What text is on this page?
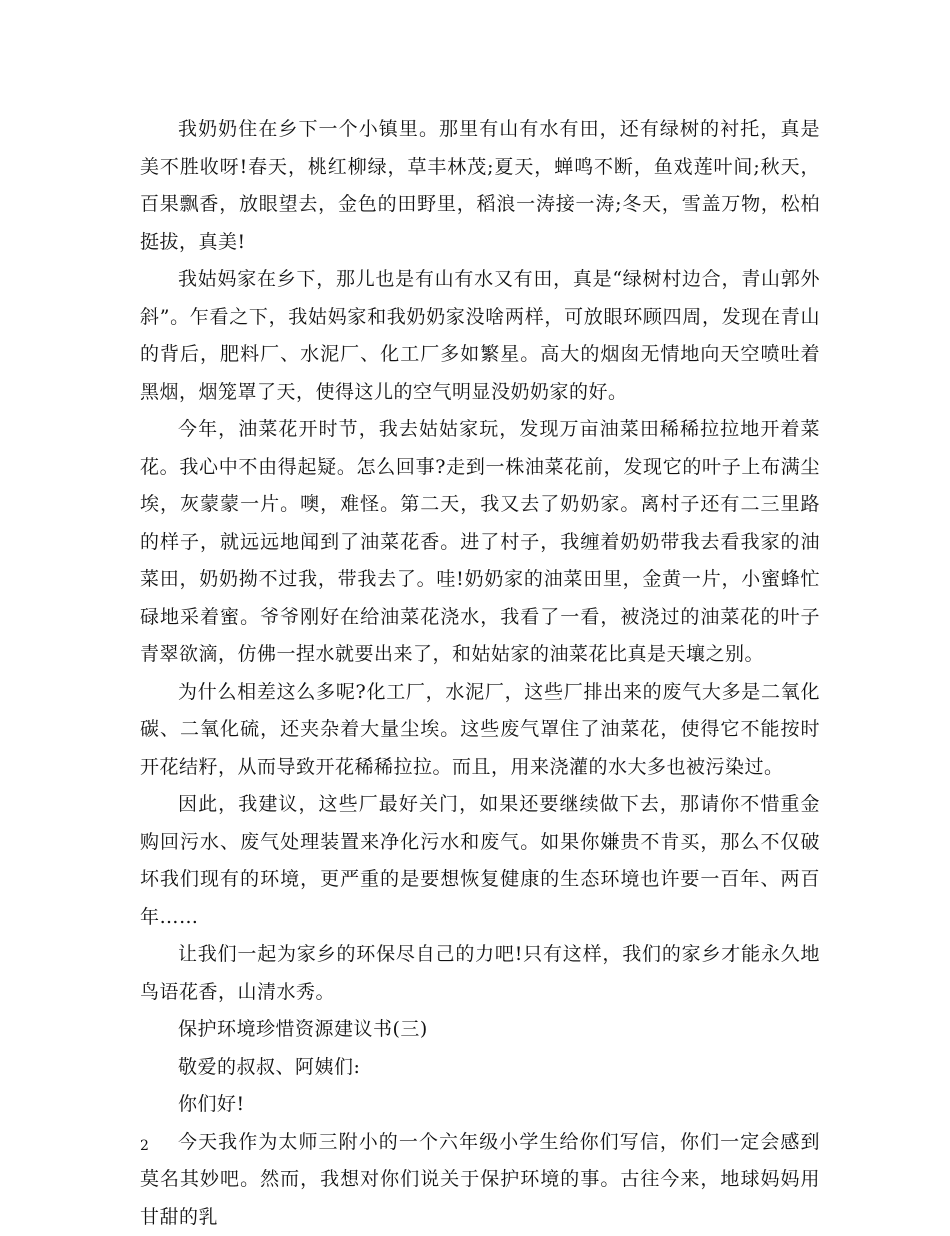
我奶奶住在乡下一个小镇里。那里有山有水有田，还有绿树的衬托，真是美不胜收呀!春天，桃红柳绿，草丰林茂;夏天，蝉鸣不断，鱼戏莲叶间;秋天，百果飘香，放眼望去，金色的田野里，稻浪一涛接一涛;冬天，雪盖万物，松柏挺拔，真美!

我姑妈家在乡下，那儿也是有山有水又有田，真是“绿树村边合，青山郭外斜”。乍看之下，我姑妈家和我奶奶家没啥两样，可放眼环顾四周，发现在青山的背后，肥料厂、水泥厂、化工厂多如繁星。高大的烟囱无情地向天空喷吐着黑烟，烟笼罩了天，使得这儿的空气明显没奶奶家的好。

今年，油菜花开时节，我去姑姑家玩，发现万亩油菜田稀稀拉拉地开着菜花。我心中不由得起疑。怎么回事?走到一株油菜花前，发现它的叶子上布满尘埃，灰蒙蒙一片。噢，难怪。第二天，我又去了奶奶家。离村子还有二三里路的样子，就远远地闻到了油菜花香。进了村子，我缠着奶奶带我去看我家的油菜田，奶奶拗不过我，带我去了。哇!奶奶家的油菜田里，金黄一片，小蜜蜂忙碌地采着蜜。爷爷刚好在给油菜花浇水，我看了一看，被浇过的油菜花的叶子青翠欲滴，仿佛一捏水就要出来了，和姑姑家的油菜花比真是天壤之别。

为什么相差这么多呢?化工厂，水泥厂，这些厂排出来的废气大多是二氧化碳、二氧化硫，还夹杂着大量尘埃。这些废气罩住了油菜花，使得它不能按时开花结籽，从而导致开花稀稀拉拉。而且，用来浇灌的水大多也被污染过。

因此，我建议，这些厂最好关门，如果还要继续做下去，那请你不惜重金购回污水、废气处理装置来净化污水和废气。如果你嫌贵不肯买，那么不仅破坏我们现有的环境，更严重的是要想恢复健康的生态环境也许要一百年、两百年……

让我们一起为家乡的环保尽自己的力吧!只有这样，我们的家乡才能永久地鸟语花香，山清水秀。

保护环境珍惜资源建议书(三)

敬爱的叔叔、阿姨们:

你们好!

今天我作为太师三附小的一个六年级小学生给你们写信，你们一定会感到莫名其妙吧。然而，我想对你们说关于保护环境的事。古往今来，地球妈妈用甘甜的乳

2
